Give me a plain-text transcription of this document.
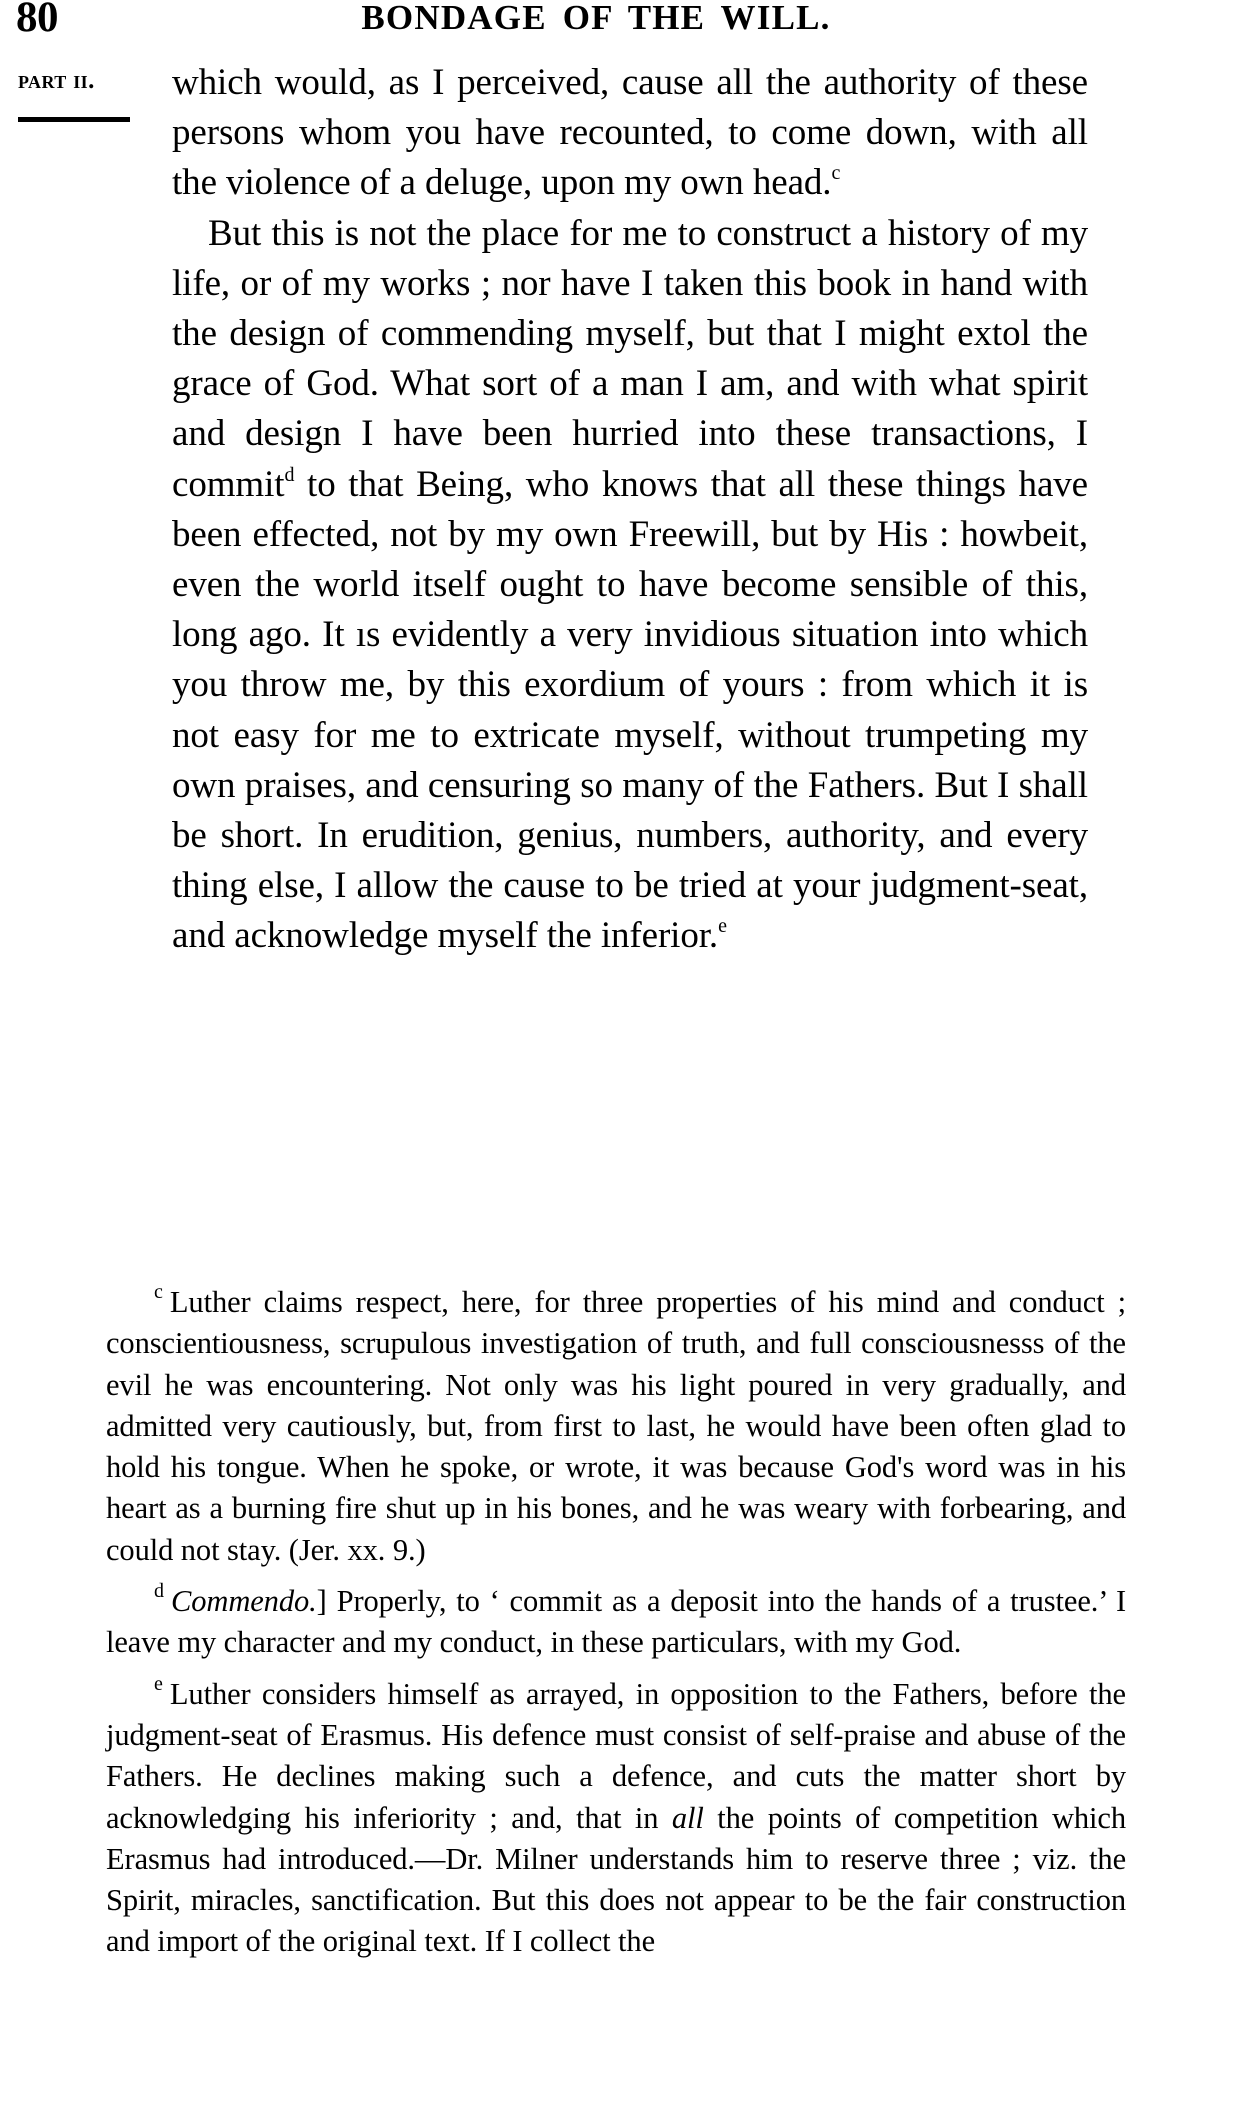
80	BONDAGE OF THE WILL.
part ii.	which would, as I perceived, cause all the authority of these persons whom you have recounted, to come down, with all the violence of a deluge, upon my own head.$^c$

But this is not the place for me to construct a history of my life, or of my works ; nor have I taken this book in hand with the design of commending myself, but that I might extol the grace of God. What sort of a man I am, and with what spirit and design I have been hurried into these transactions, I commit$^d$ to that Being, who knows that all these things have been effected, not by my own Freewill, but by His : howbeit, even the world itself ought to have become sensible of this, long ago. It ıs evidently a very invidious situation into which you throw me, by this exordium of yours : from which it is not easy for me to extricate myself, without trumpeting my own praises, and censuring so many of the Fathers. But I shall be short. In erudition, genius, numbers, authority, and every thing else, I allow the cause to be tried at your judgment-seat, and acknowledge myself the inferior.$^e$

$^c$ Luther claims respect, here, for three properties of his mind and conduct ; conscientiousness, scrupulous investigation of truth, and full consciousnesss of the evil he was encountering. Not only was his light poured in very gradually, and admitted very cautiously, but, from first to last, he would have been often glad to hold his tongue. When he spoke, or wrote, it was because God's word was in his heart as a burning fire shut up in his bones, and he was weary with forbearing, and could not stay. (Jer. xx. 9.)

$^d$ Commendo.] Properly, to ‘ commit as a deposit into the hands of a trustee.’ I leave my character and my conduct, in these particulars, with my God.

$^e$ Luther considers himself as arrayed, in opposition to the Fathers, before the judgment-seat of Erasmus. His defence must consist of self-praise and abuse of the Fathers. He declines making such a defence, and cuts the matter short by acknowledging his inferiority ; and, that in all the points of competition which Erasmus had introduced.—Dr. Milner understands him to reserve three ; viz. the Spirit, miracles, sanctification. But this does not appear to be the fair construction and import of the original text. If I collect the
